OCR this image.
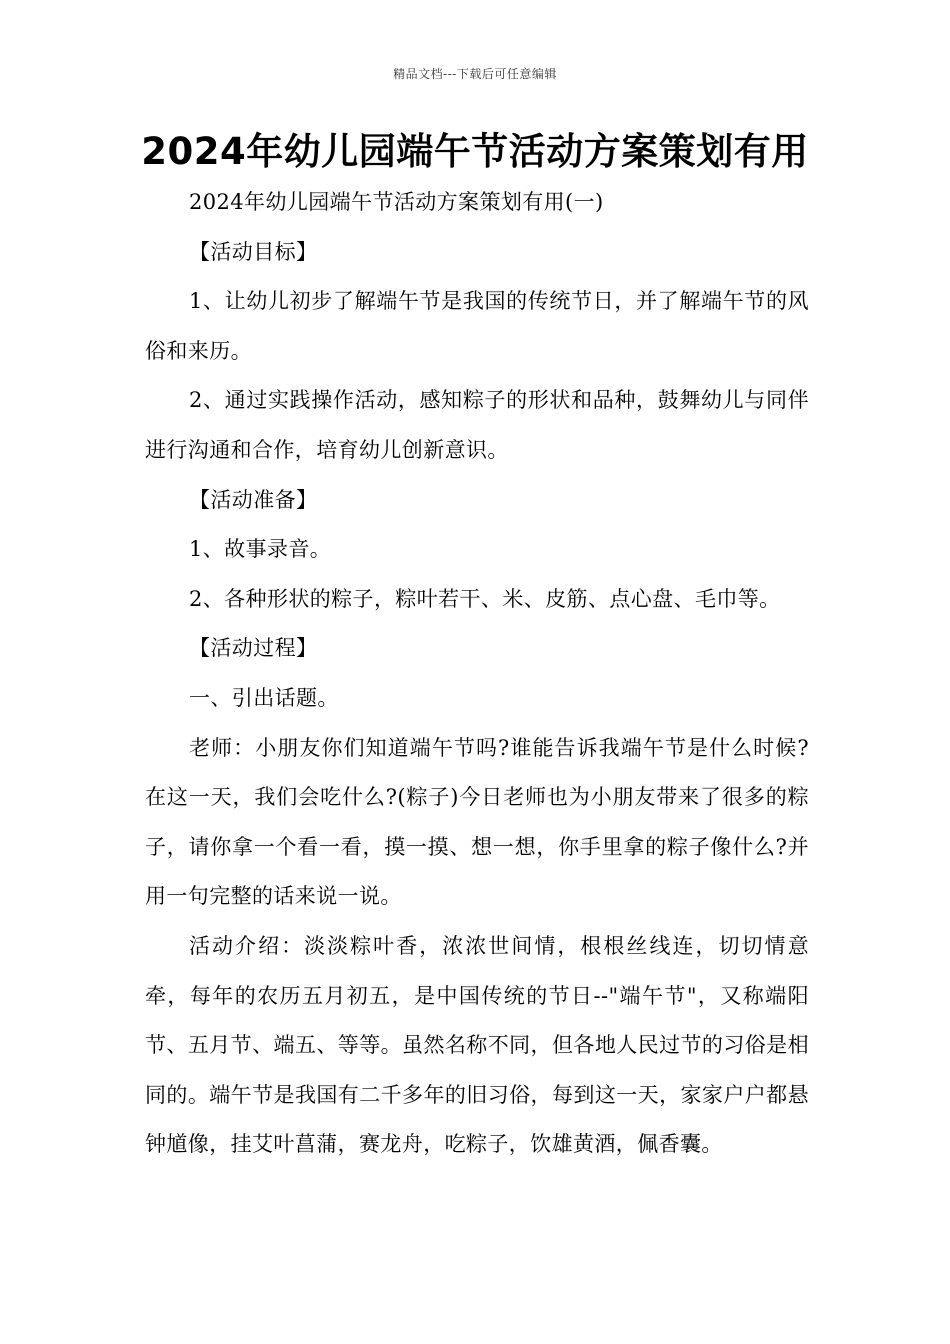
精品文档---下载后可任意编辑
2024年幼儿园端午节活动方案策划有用

2024年幼儿园端午节活动方案策划有用(一)

【活动目标】

1、让幼儿初步了解端午节是我国的传统节日，并了解端午节的风俗和来历。

2、通过实践操作活动，感知粽子的形状和品种，鼓舞幼儿与同伴进行沟通和合作，培育幼儿创新意识。

【活动准备】

1、故事录音。

2、各种形状的粽子，粽叶若干、米、皮筋、点心盘、毛巾等。

【活动过程】

一、引出话题。

老师：小朋友你们知道端午节吗?谁能告诉我端午节是什么时候?在这一天，我们会吃什么?(粽子)今日老师也为小朋友带来了很多的粽子，请你拿一个看一看，摸一摸、想一想，你手里拿的粽子像什么?并用一句完整的话来说一说。

活动介绍：淡淡粽叶香，浓浓世间情，根根丝线连，切切情意牵，每年的农历五月初五，是中国传统的节日--"端午节"，又称端阳节、五月节、端五、等等。虽然名称不同，但各地人民过节的习俗是相同的。端午节是我国有二千多年的旧习俗，每到这一天，家家户户都悬钟馗像，挂艾叶菖蒲，赛龙舟，吃粽子，饮雄黄酒，佩香囊。
